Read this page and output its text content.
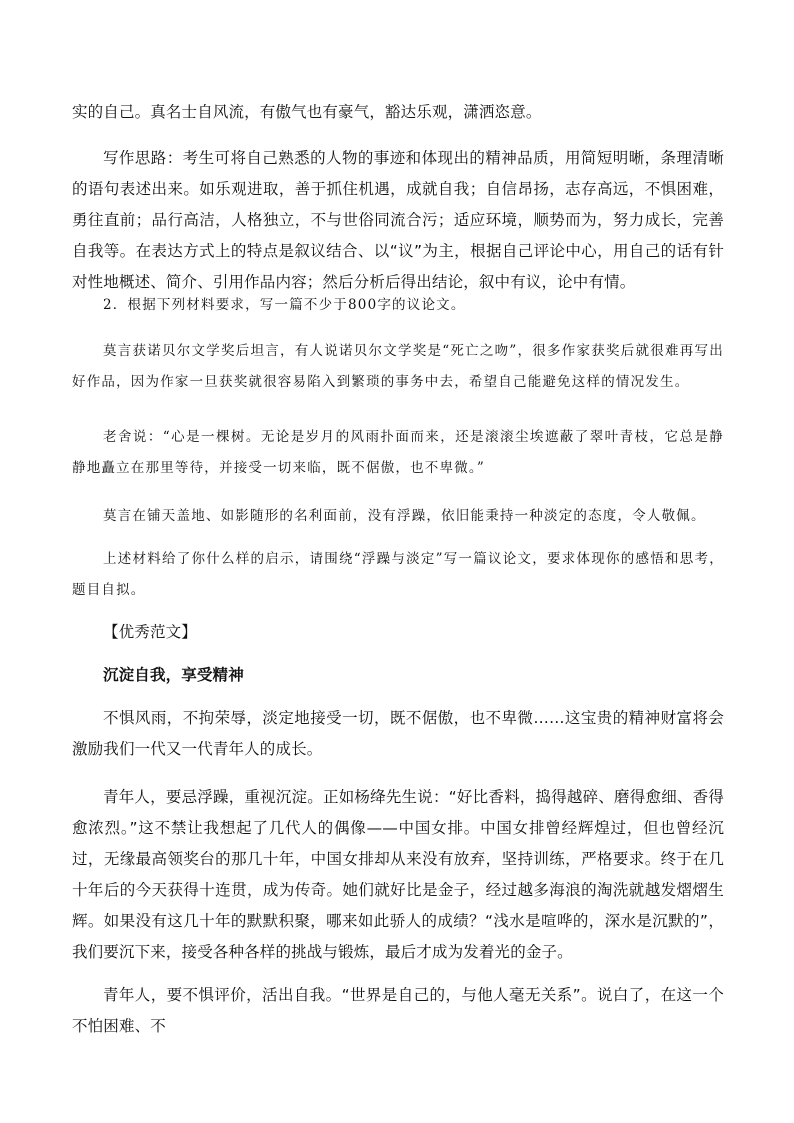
实的自己。真名士自风流，有傲气也有豪气，豁达乐观，潇洒恣意。

写作思路：考生可将自己熟悉的人物的事迹和体现出的精神品质，用简短明晰，条理清晰的语句表述出来。如乐观进取，善于抓住机遇，成就自我；自信昂扬，志存高远，不惧困难，勇往直前；品行高洁，人格独立，不与世俗同流合污；适应环境，顺势而为，努力成长，完善自我等。在表达方式上的特点是叙议结合、以“议”为主，根据自己评论中心，用自己的话有针对性地概述、简介、引用作品内容；然后分析后得出结论，叙中有议，论中有情。

2．根据下列材料要求，写一篇不少于800字的议论文。

莫言获诺贝尔文学奖后坦言，有人说诺贝尔文学奖是“死亡之吻”，很多作家获奖后就很难再写出好作品，因为作家一旦获奖就很容易陷入到繁琐的事务中去，希望自己能避免这样的情况发生。

老舍说：“心是一棵树。无论是岁月的风雨扑面而来，还是滚滚尘埃遮蔽了翠叶青枝，它总是静静地矗立在那里等待，并接受一切来临，既不倨傲，也不卑微。”

莫言在铺天盖地、如影随形的名利面前，没有浮躁，依旧能秉持一种淡定的态度，令人敬佩。

上述材料给了你什么样的启示，请围绕“浮躁与淡定”写一篇议论文，要求体现你的感悟和思考，题目自拟。

【优秀范文】

沉淀自我，享受精神

不惧风雨，不拘荣辱，淡定地接受一切，既不倨傲，也不卑微……这宝贵的精神财富将会激励我们一代又一代青年人的成长。

青年人，要忌浮躁，重视沉淀。正如杨绛先生说：“好比香料，捣得越碎、磨得愈细、香得愈浓烈。”这不禁让我想起了几代人的偶像——中国女排。中国女排曾经辉煌过，但也曾经沉过，无缘最高领奖台的那几十年，中国女排却从来没有放弃，坚持训练，严格要求。终于在几十年后的今天获得十连贯，成为传奇。她们就好比是金子，经过越多海浪的淘洗就越发熠熠生辉。如果没有这几十年的默默积聚，哪来如此骄人的成绩？“浅水是喧哗的，深水是沉默的”，我们要沉下来，接受各种各样的挑战与锻炼，最后才成为发着光的金子。

青年人，要不惧评价，活出自我。“世界是自己的，与他人毫无关系”。说白了，在这一个不怕困难、不
